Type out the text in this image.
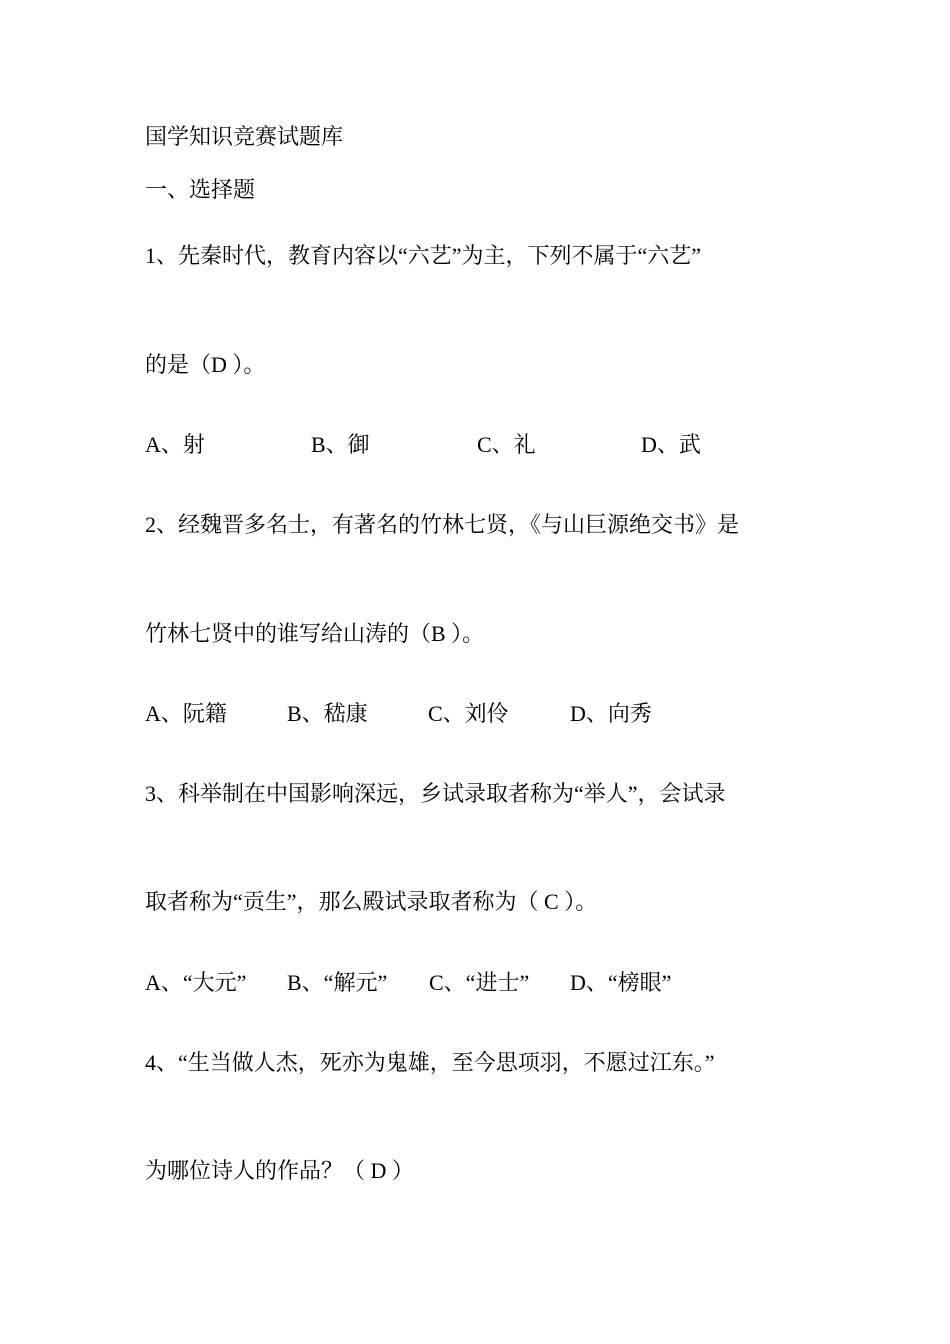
国学知识竞赛试题库
一、选择题
1、先秦时代，教育内容以“六艺”为主，下列不属于“六艺”
的是（D ）。
A、射	B、御	C、礼	D、武
2、经魏晋多名士，有著名的竹林七贤，《与山巨源绝交书》是
竹林七贤中的谁写给山涛的（B ）。
A、阮籍	B、嵇康	C、刘伶	D、向秀
3、科举制在中国影响深远，乡试录取者称为“举人”，会试录
取者称为“贡生”，那么殿试录取者称为（ C ）。
A、“大元” B、“解元” C、“进士” D、“榜眼”
4、“生当做人杰，死亦为鬼雄，至今思项羽，不愿过江东。”
为哪位诗人的作品？（ D ）
